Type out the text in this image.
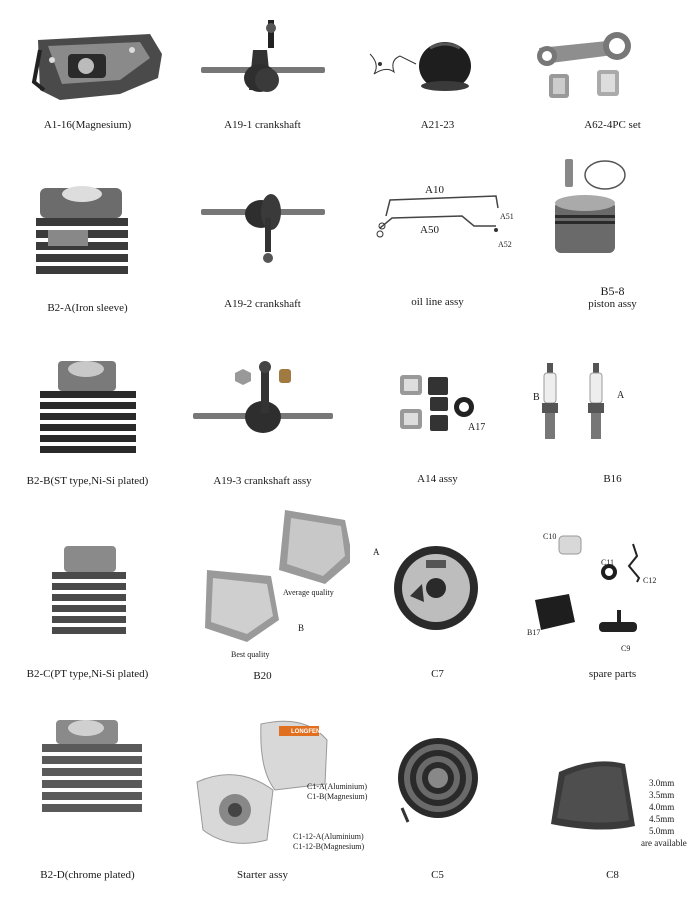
A1-16(Magnesium)	A19-1 crankshaft	A21-23	A62-4PC set
B2-A(Iron sleeve)	A19-2 crankshaft
A10
A50
A51
A52
oil line assy
B5-8
piston assy
B2-B(ST type,Ni-Si plated)	A19-3 crankshaft assy
A17
A14 assy
B	A
B16
B2-C(PT type,Ni-Si plated)
A
Average quality
B
Best quality
B20	C7
C10
C11
C12
B17
C9
spare parts
B2-D(chrome plated)
LONGFENG
C1-A(Aluminium)
C1-B(Magnesium)
C1-12-A(Aluminium)
C1-12-B(Magnesium)
Starter assy	C5
3.0mm
3.5mm
4.0mm
4.5mm
5.0mm
are available
C8
